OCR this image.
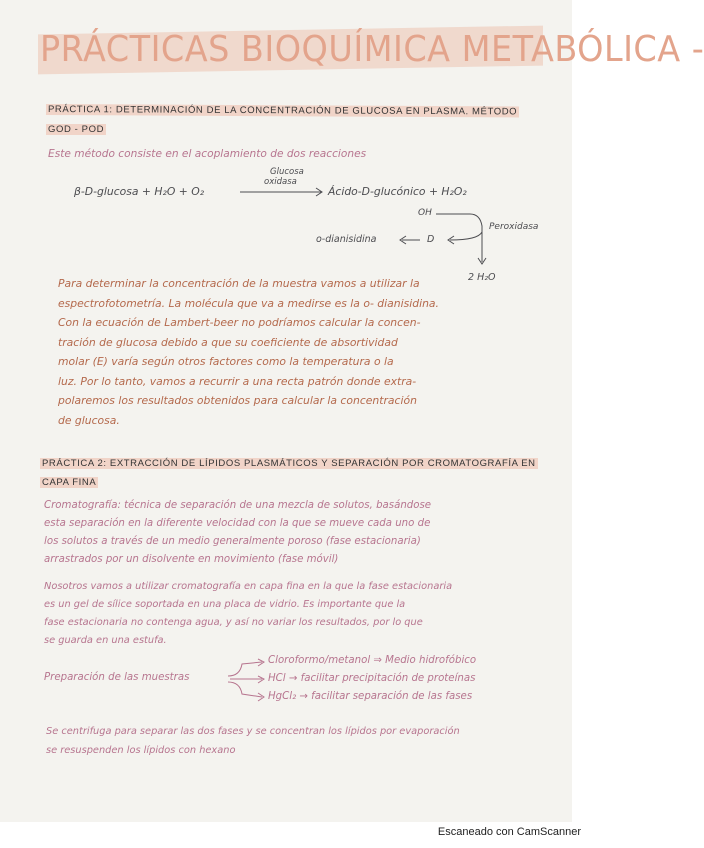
PRÁCTICAS BIOQUÍMICA METABÓLICA -
PRÁCTICA 1: DETERMINACIÓN DE LA CONCENTRACIÓN DE GLUCOSA EN PLASMA. MÉTODO
GOD - POD
Este método consiste en el acoplamiento de dos reacciones
β-D-glucosa + H₂O + O₂
Glucosa
oxidasa
Ácido-D-glucónico + H₂O₂
OH
Peroxidasa
o-dianisidina	D
2 H₂O
Para determinar la concentración de la muestra vamos a utilizar la
espectrofotometría. La molécula que va a medirse es la o- dianisidina.
Con la ecuación de Lambert-beer no podríamos calcular la concen-
tración de glucosa debido a que su coeficiente de absortividad
molar (E) varía según otros factores como la temperatura o la
luz. Por lo tanto, vamos a recurrir a una recta patrón donde extra-
polaremos los resultados obtenidos para calcular la concentración
de glucosa.
PRÁCTICA 2: EXTRACCIÓN DE LÍPIDOS PLASMÁTICOS Y SEPARACIÓN POR CROMATOGRAFÍA EN
CAPA FINA
Cromatografía: técnica de separación de una mezcla de solutos, basándose
esta separación en la diferente velocidad con la que se mueve cada uno de
los solutos a través de un medio generalmente poroso (fase estacionaria)
arrastrados por un disolvente en movimiento (fase móvil)
Nosotros vamos a utilizar cromatografía en capa fina en la que la fase estacionaria
es un gel de sílice soportada en una placa de vidrio. Es importante que la
fase estacionaria no contenga agua, y así no variar los resultados, por lo que
se guarda en una estufa.
Preparación de las muestras
Cloroformo/metanol ⇒ Medio hidrofóbico
HCl → facilitar precipitación de proteínas
HgCl₂ → facilitar separación de las fases
Se centrifuga para separar las dos fases y se concentran los lípidos por evaporación
se resuspenden los lípidos con hexano
Escaneado con CamScanner
